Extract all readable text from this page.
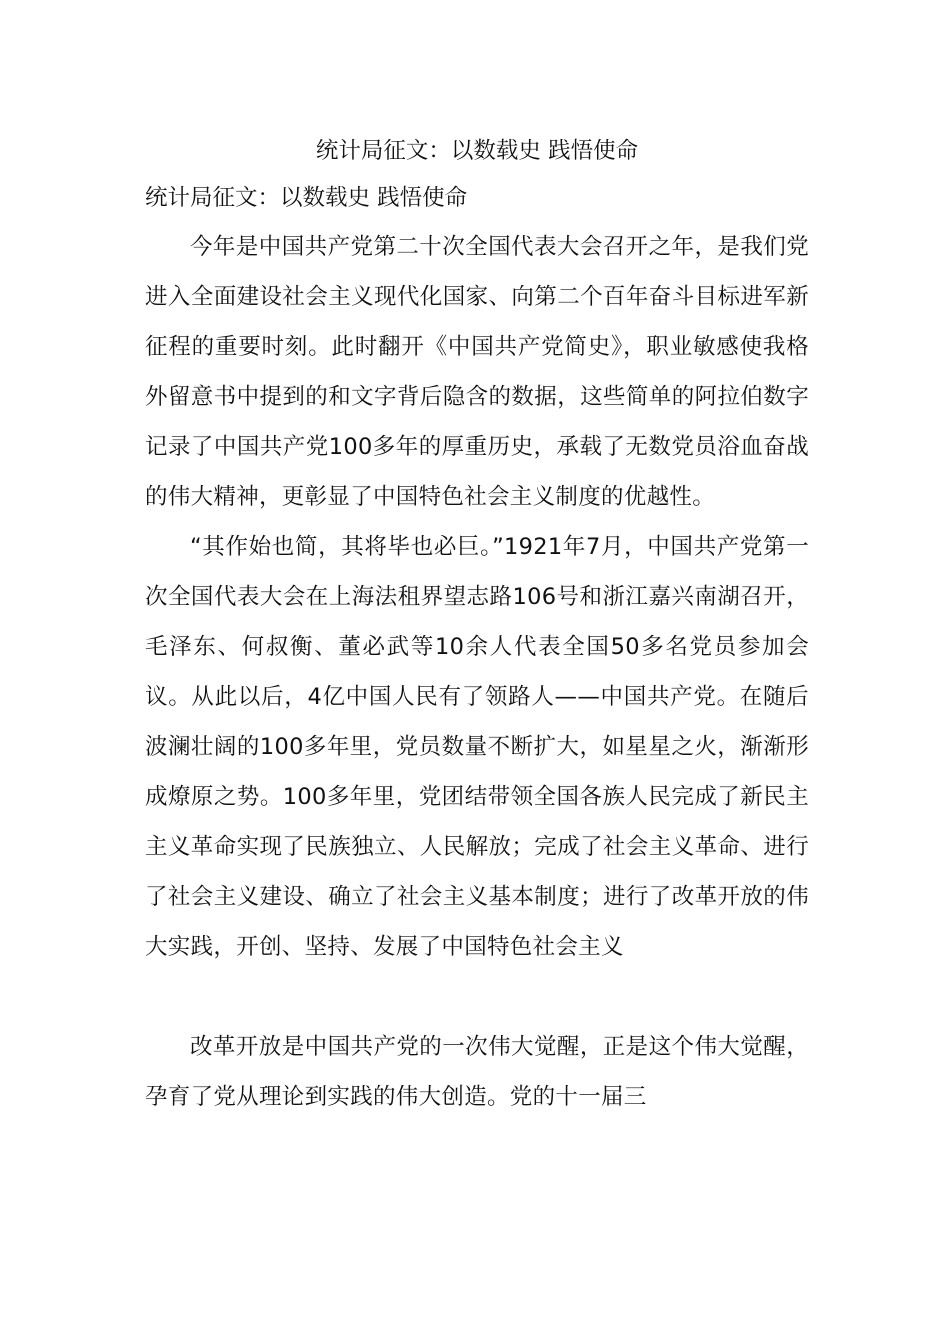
统计局征文：以数载史 践悟使命

统计局征文：以数载史 践悟使命

今年是中国共产党第二十次全国代表大会召开之年，是我们党进入全面建设社会主义现代化国家、向第二个百年奋斗目标进军新征程的重要时刻。此时翻开《中国共产党简史》，职业敏感使我格外留意书中提到的和文字背后隐含的数据，这些简单的阿拉伯数字记录了中国共产党100多年的厚重历史，承载了无数党员浴血奋战的伟大精神，更彰显了中国特色社会主义制度的优越性。

“其作始也简，其将毕也必巨。”1921年7月，中国共产党第一次全国代表大会在上海法租界望志路106号和浙江嘉兴南湖召开，毛泽东、何叔衡、董必武等10余人代表全国50多名党员参加会议。从此以后，4亿中国人民有了领路人——中国共产党。在随后波澜壮阔的100多年里，党员数量不断扩大，如星星之火，渐渐形成燎原之势。100多年里，党团结带领全国各族人民完成了新民主主义革命实现了民族独立、人民解放；完成了社会主义革命、进行了社会主义建设、确立了社会主义基本制度；进行了改革开放的伟大实践，开创、坚持、发展了中国特色社会主义

改革开放是中国共产党的一次伟大觉醒，正是这个伟大觉醒，孕育了党从理论到实践的伟大创造。党的十一届三
